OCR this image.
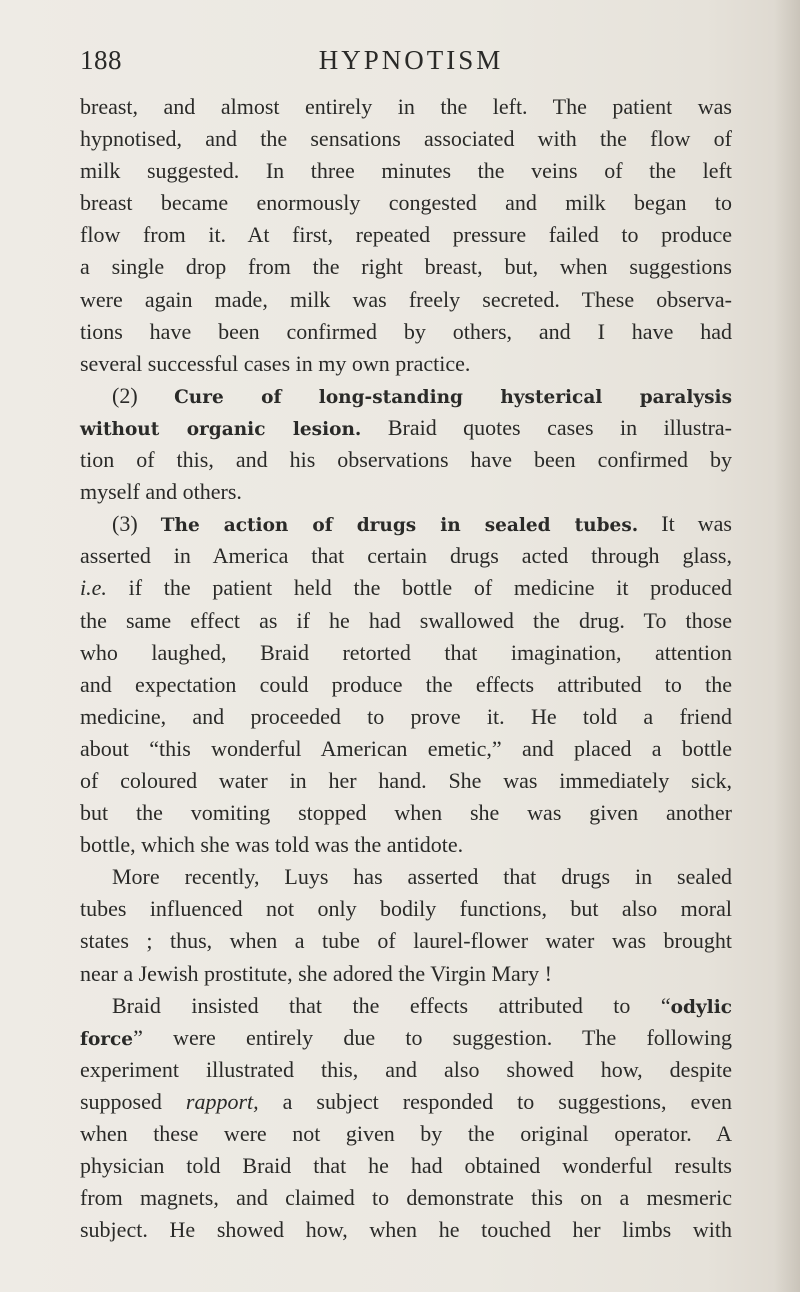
188	HYPNOTISM
breast, and almost entirely in the left. The patient was
hypnotised, and the sensations associated with the flow of
milk suggested. In three minutes the veins of the left
breast became enormously congested and milk began to
flow from it. At first, repeated pressure failed to produce
a single drop from the right breast, but, when suggestions
were again made, milk was freely secreted. These observa-
tions have been confirmed by others, and I have had
several successful cases in my own practice.
(2) Cure of long-standing hysterical paralysis
without organic lesion. Braid quotes cases in illustra-
tion of this, and his observations have been confirmed by
myself and others.
(3) The action of drugs in sealed tubes. It was
asserted in America that certain drugs acted through glass,
i.e. if the patient held the bottle of medicine it produced
the same effect as if he had swallowed the drug. To those
who laughed, Braid retorted that imagination, attention
and expectation could produce the effects attributed to the
medicine, and proceeded to prove it. He told a friend
about “this wonderful American emetic,” and placed a bottle
of coloured water in her hand. She was immediately sick,
but the vomiting stopped when she was given another
bottle, which she was told was the antidote.
More recently, Luys has asserted that drugs in sealed
tubes influenced not only bodily functions, but also moral
states ; thus, when a tube of laurel-flower water was brought
near a Jewish prostitute, she adored the Virgin Mary !
Braid insisted that the effects attributed to “odylic
force” were entirely due to suggestion. The following
experiment illustrated this, and also showed how, despite
supposed rapport, a subject responded to suggestions, even
when these were not given by the original operator. A
physician told Braid that he had obtained wonderful results
from magnets, and claimed to demonstrate this on a mesmeric
subject. He showed how, when he touched her limbs with
